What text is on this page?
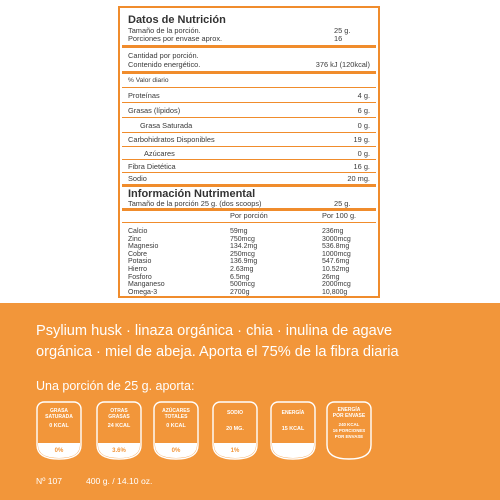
Datos de Nutrición
Tamaño de la porción.	25 g.
Porciones por envase aprox.	16
Cantidad por porción.
Contenido energético.	376 kJ (120kcal)
% Valor diario
Proteínas	4 g.
Grasas (lípidos)	6 g.
Grasa Saturada	0 g.
Carbohidratos Disponibles	19 g.
Azúcares	0 g.
Fibra Dietética	16 g.
Sodio	20 mg.
Información Nutrimental
Tamaño de la porción 25 g. (dos scoops)	25 g.
Por porción	Por 100 g.
Calcio	59mg	236mg
Zinc	750mcg	3000mcg
Magnesio	134.2mg	536.8mg
Cobre	250mcg	1000mcg
Potasio	136.9mg	547.6mg
Hierro	2.63mg	10.52mg
Fosforo	6.5mg	26mg
Manganeso	500mcg	2000mcg
Omega-3	2700g	10,800g
Psylium husk · linaza orgánica · chia · inulina de agave
orgánica · miel de abeja. Aporta el 75% de la fibra diaria
Una porción de 25 g. aporta:
GRASA
SATURADA
0 KCAL
0%
OTRAS
GRASAS
24 KCAL
3.6%
AZÚCARES
TOTALES
0 KCAL
0%
SODIO
20 MG.
1%
ENERGÍA
15 KCAL
ENERGÍA
POR ENVASE
240 KCAL
16 PORCIONES
POR ENVASE
Nº 107	400 g. / 14.10 oz.
